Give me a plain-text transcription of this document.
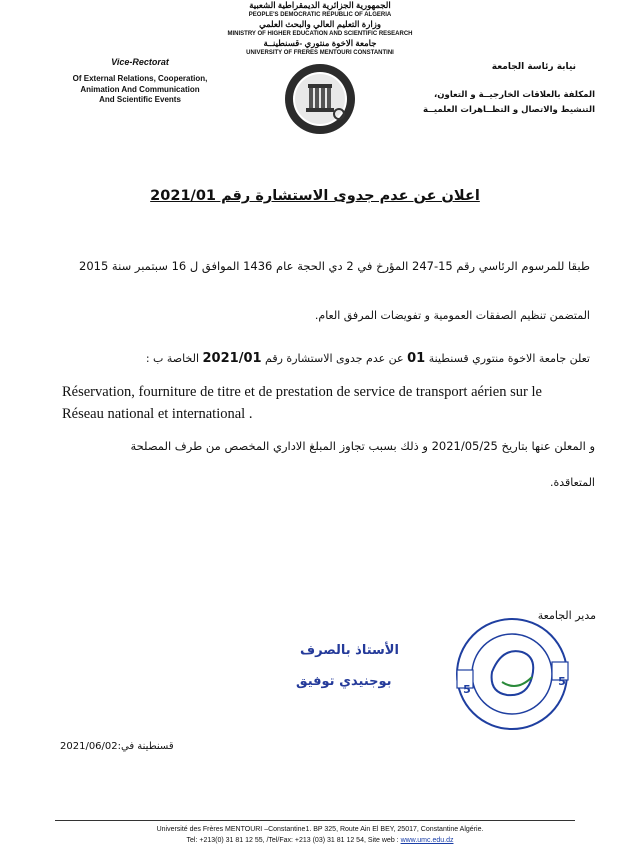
الجمهورية الجزائرية الديمقراطية الشعبية
PEOPLE'S DEMOCRATIC REPUBLIC OF ALGERIA
وزارة التعليم العالي والبحث العلمي
MINISTRY OF HIGHER EDUCATION AND SCIENTIFIC RESEARCH
جامعة الاخوة منتوري -قسنطينــة
UNIVERSITY OF FRERES MENTOURI CONSTANTINI
Vice-Rectorat
Of External Relations, Cooperation,
Animation And Communication
And Scientific Events
نيابة رئاسة الجامعة
المكلفة بالعلاقات الخارجيــة و التعاون،
التنشيط والاتصال و التظــاهرات العلميــة
اعلان عن عدم جدوى الاستشارة رقم 2021/01
طبقا للمرسوم الرئاسي رقم 15-247 المؤرخ في 2 دي الحجة عام 1436 الموافق ل 16 سبتمبر سنة 2015
المتضمن تنظيم الصفقات العمومية و تفويضات المرفق العام.
تعلن جامعة الاخوة منتوري قسنطينة 01 عن عدم جدوى الاستشارة رقم 2021/01 الخاصة ب :
Réservation, fourniture de titre et de prestation de service de transport aérien sur le
Réseau national et international .
و المعلن عنها بتاريخ 2021/05/25 و ذلك بسبب تجاوز المبلغ الاداري المخصص من طرف المصلحة
المتعاقدة.
مدير الجامعة
5
5
الأستاذ بالصرف
بوجنيدي توفيق
قسنطينة في:2021/06/02
Université des Frères MENTOURI –Constantine1. BP 325, Route Ain El BEY, 25017, Constantine Algérie.
Tel: +213(0) 31 81 12 55, /Tel/Fax: +213 (03) 31 81 12 54, Site web : www.umc.edu.dz
